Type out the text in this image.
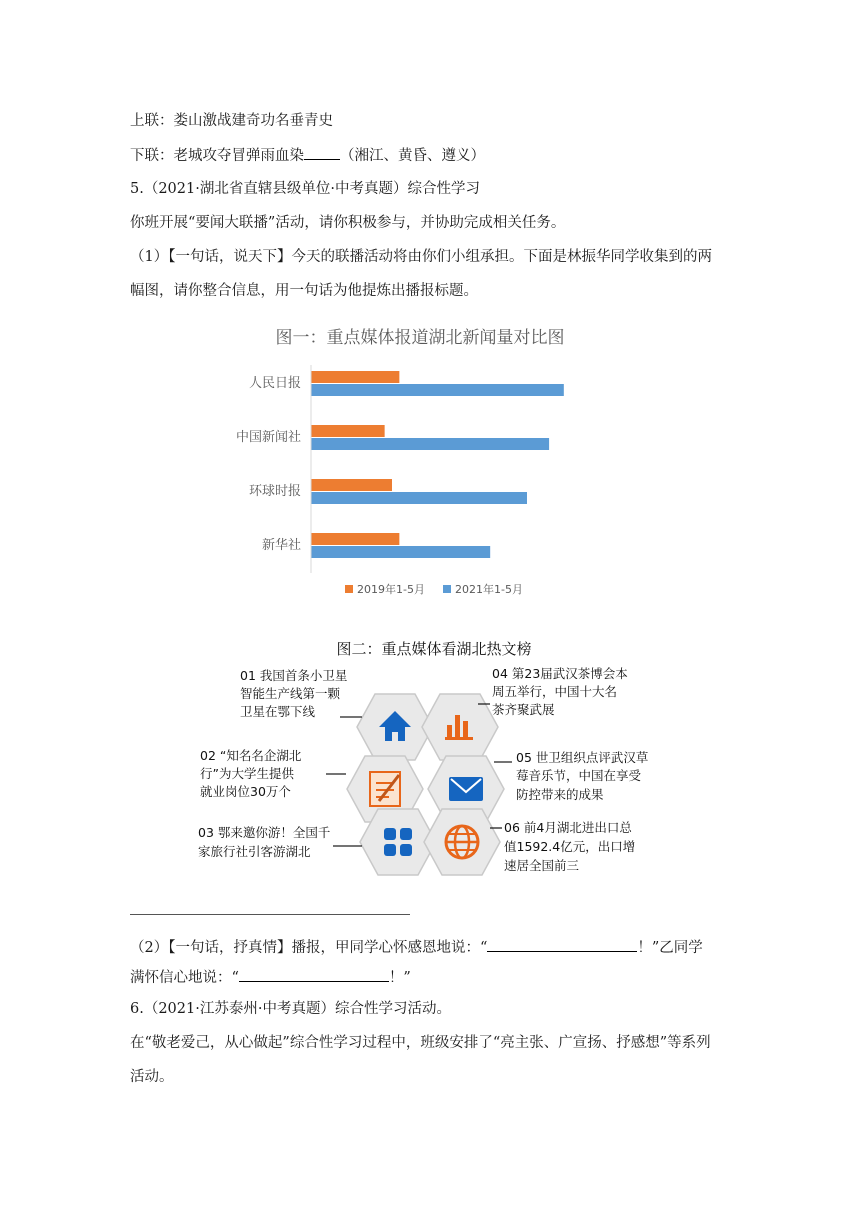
上联：娄山激战建奇功名垂青史
下联：老城攻夺冒弹雨血染 （湘江、黄昏、遵义）
5.（2021·湖北省直辖县级单位·中考真题）综合性学习
你班开展“要闻大联播”活动，请你积极参与，并协助完成相关任务。
（1）【一句话，说天下】今天的联播活动将由你们小组承担。下面是林振华同学收集到的两
幅图，请你整合信息，用一句话为他提炼出播报标题。
图一：重点媒体报道湖北新闻量对比图
人民日报
中国新闻社
环球时报
新华社
2019年1-5月	2021年1-5月
图二：重点媒体看湖北热文榜
01 我国首条小卫星 智能生产线第一颗 卫星在鄂下线
02 “知名名企湖北 行”为大学生提供 就业岗位30万个
03 鄂来邀你游！全国千 家旅行社引客游湖北
04 第23届武汉茶博会本 周五举行，中国十大名 茶齐聚武展
05 世卫组织点评武汉草 莓音乐节，中国在享受 防控带来的成果
06 前4月湖北进出口总 值1592.4亿元，出口增 速居全国前三
（2）【一句话，抒真情】播报，甲同学心怀感恩地说：“	！”乙同学
满怀信心地说：“	！”
6.（2021·江苏泰州·中考真题）综合性学习活动。
在“敬老爱己，从心做起”综合性学习过程中，班级安排了“亮主张、广宣扬、抒感想”等系列
活动。
